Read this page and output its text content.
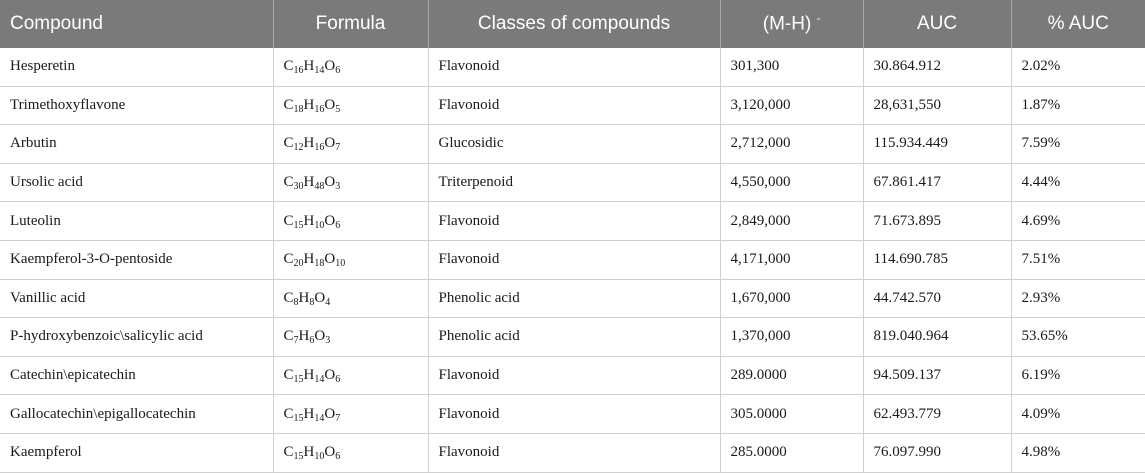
Compound	Formula	Classes of compounds	(M-H) -	AUC	% AUC
Hesperetin	$C_{16}H_{14}O_6$	Flavonoid	301,300	30.864.912	2.02%
Trimethoxyflavone	$C_{18}H_{16}O_5$	Flavonoid	3,120,000	28,631,550	1.87%
Arbutin	$C_{12}H_{16}O_7$	Glucosidic	2,712,000	115.934.449	7.59%
Ursolic acid	$C_{30}H_{48}O_3$	Triterpenoid	4,550,000	67.861.417	4.44%
Luteolin	$C_{15}H_{10}O_6$	Flavonoid	2,849,000	71.673.895	4.69%
Kaempferol-3-O-pentoside	$C_{20}H_{18}O_{10}$	Flavonoid	4,171,000	114.690.785	7.51%
Vanillic acid	$C_8H_8O_4$	Phenolic acid	1,670,000	44.742.570	2.93%
P-hydroxybenzoic\salicylic acid	$C_7H_6O_3$	Phenolic acid	1,370,000	819.040.964	53.65%
Catechin\epicatechin	$C_{15}H_{14}O_6$	Flavonoid	289.0000	94.509.137	6.19%
Gallocatechin\epigallocatechin	$C_{15}H_{14}O_7$	Flavonoid	305.0000	62.493.779	4.09%
Kaempferol	$C_{15}H_{10}O_6$	Flavonoid	285.0000	76.097.990	4.98%
